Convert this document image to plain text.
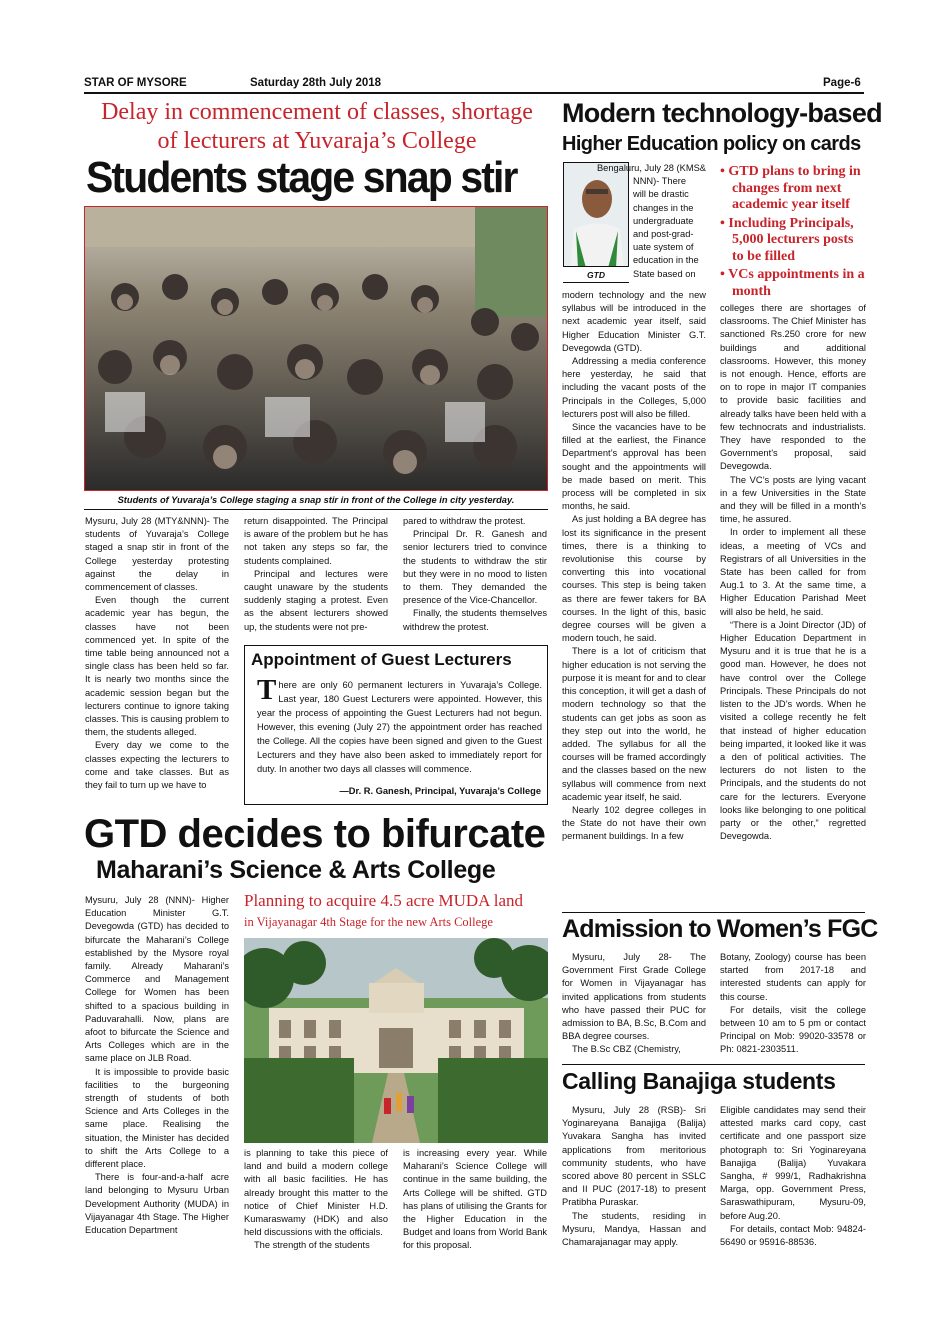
STAR OF MYSORE	Saturday 28th July 2018	Page-6
Delay in commencement of classes, shortage
of lecturers at Yuvaraja’s College
Students stage snap stir
Students of Yuvaraja’s College staging a snap stir in front of the College in city yesterday.

Mysuru, July 28 (MTY&NNN)- The students of Yuvaraja’s College staged a snap stir in front of the College yesterday protesting against the delay in commencement of classes.

Even though the current academic year has begun, the classes have not been commenced yet. In spite of the time table being announced not a single class has been held so far. It is nearly two months since the academic session began but the lecturers continue to ignore taking classes. This is causing problem to them, the students alleged.

Every day we come to the classes expecting the lecturers to come and take classes. But as they fail to turn up we have to

return disappointed. The Principal is aware of the problem but he has not taken any steps so far, the students complained.

Principal and lectures were caught unaware by the students suddenly staging a protest. Even as the absent lecturers showed up, the students were not pre-

pared to withdraw the protest.

Principal Dr. R. Ganesh and senior lecturers tried to convince the students to withdraw the stir but they were in no mood to listen to them. They demanded the presence of the Vice-Chancellor.

Finally, the students themselves withdrew the protest.

Appointment of Guest Lecturers
There are only 60 permanent lecturers in Yuvaraja’s College. Last year, 180 Guest Lecturers were appointed. However, this year the process of appointing the Guest Lecturers had not begun. However, this evening (July 27) the appointment order has reached the College. All the copies have been signed and given to the Guest Lecturers and they have also been asked to immediately report for duty. In another two days all classes will commence.
—Dr. R. Ganesh, Principal, Yuvaraja’s College
GTD decides to bifurcate
Maharani’s Science & Arts College
Planning to acquire 4.5 acre MUDA land
in Vijayanagar 4th Stage for the new Arts College

Mysuru, July 28 (NNN)- Higher Education Minister G.T. Devegowda (GTD) has decided to bifurcate the Maharani’s College established by the Mysore royal family. Already Maharani’s Commerce and Management College for Women has been shifted to a spacious building in Paduvarahalli. Now, plans are afoot to bifurcate the Science and Arts Colleges which are in the same place on JLB Road.

It is impossible to provide basic facilities to the burgeoning strength of students of both Science and Arts Colleges in the same place. Realising the situation, the Minister has decided to shift the Arts College to a different place.

There is four-and-a-half acre land belonging to Mysuru Urban Development Authority (MUDA) in Vijayanagar 4th Stage. The Higher Education Department

is planning to take this piece of land and build a modern college with all basic facilities. He has already brought this matter to the notice of Chief Minister H.D. Kumaraswamy (HDK) and also held discussions with the officials.

The strength of the students

is increasing every year. While Maharani’s Science College will continue in the same building, the Arts College will be shifted. GTD has plans of utilising the Grants for the Higher Education in the Budget and loans from World Bank for this proposal.

Modern technology-based
Higher Education policy on cards
GTD
Bengaluru, July 28 (KMS&
NNN)- There
will be drastic
changes in the
undergraduate
and post-grad-
uate system of
education in the
State based on
• GTD plans to bring in changes from next academic year itself
• Including Principals, 5,000 lecturers posts to be filled
• VCs appointments in a month

modern technology and the new syllabus will be introduced in the next academic year itself, said Higher Education Minister G.T. Devegowda (GTD).

Addressing a media conference here yesterday, he said that including the vacant posts of the Principals in the Colleges, 5,000 lecturers post will also be filled.

Since the vacancies have to be filled at the earliest, the Finance Department’s approval has been sought and the appointments will be made based on merit. This process will be completed in six months, he said.

As just holding a BA degree has lost its significance in the present times, there is a thinking to revolutionise this course by converting this into vocational courses. This step is being taken as there are fewer takers for BA courses. In the light of this, basic degree courses will be given a modern touch, he said.

There is a lot of criticism that higher education is not serving the purpose it is meant for and to clear this conception, it will get a dash of modern technology so that the students can get jobs as soon as they step out into the world, he added. The syllabus for all the courses will be framed accordingly and the classes based on the new syllabus will commence from next academic year itself, he said.

Nearly 102 degree colleges in the State do not have their own permanent buildings. In a few

colleges there are shortages of classrooms. The Chief Minister has sanctioned Rs.250 crore for new buildings and additional classrooms. However, this money is not enough. Hence, efforts are on to rope in major IT companies to provide basic facilities and already talks have been held with a few technocrats and industrialists. They have responded to the Government’s proposal, said Devegowda.

The VC’s posts are lying vacant in a few Universities in the State and they will be filled in a month’s time, he assured.

In order to implement all these ideas, a meeting of VCs and Registrars of all Universities in the State has been called for from Aug.1 to 3. At the same time, a Higher Education Parishad Meet will also be held, he said.

“There is a Joint Director (JD) of Higher Education Department in Mysuru and it is true that he is a good man. However, he does not have control over the College Principals. These Principals do not listen to the JD’s words. When he visited a college recently he felt that instead of higher education being imparted, it looked like it was a den of political activities. The lecturers do not listen to the Principals, and the students do not care for the lecturers. Everyone looks like belonging to one political party or the other,” regretted Devegowda.

Admission to Women’s FGC

Mysuru, July 28- The Government First Grade College for Women in Vijayanagar has invited applications from students who have passed their PUC for admission to BA, B.Sc, B.Com and BBA degree courses.

The B.Sc CBZ (Chemistry,

Botany, Zoology) course has been started from 2017-18 and interested students can apply for this course.

For details, visit the college between 10 am to 5 pm or contact Principal on Mob: 99020-33578 or Ph: 0821-2303511.

Calling Banajiga students

Mysuru, July 28 (RSB)- Sri Yoginareyana Banajiga (Balija) Yuvakara Sangha has invited applications from meritorious community students, who have scored above 80 percent in SSLC and II PUC (2017-18) to present Pratibha Puraskar.

The students, residing in Mysuru, Mandya, Hassan and Chamarajanagar may apply.

Eligible candidates may send their attested marks card copy, cast certificate and one passport size photograph to: Sri Yoginareyana Banajiga (Balija) Yuvakara Sangha, # 999/1, Radhakrishna Marga, opp. Government Press, Saraswathipuram, Mysuru-09, before Aug.20.

For details, contact Mob: 94824-56490 or 95916-88536.
